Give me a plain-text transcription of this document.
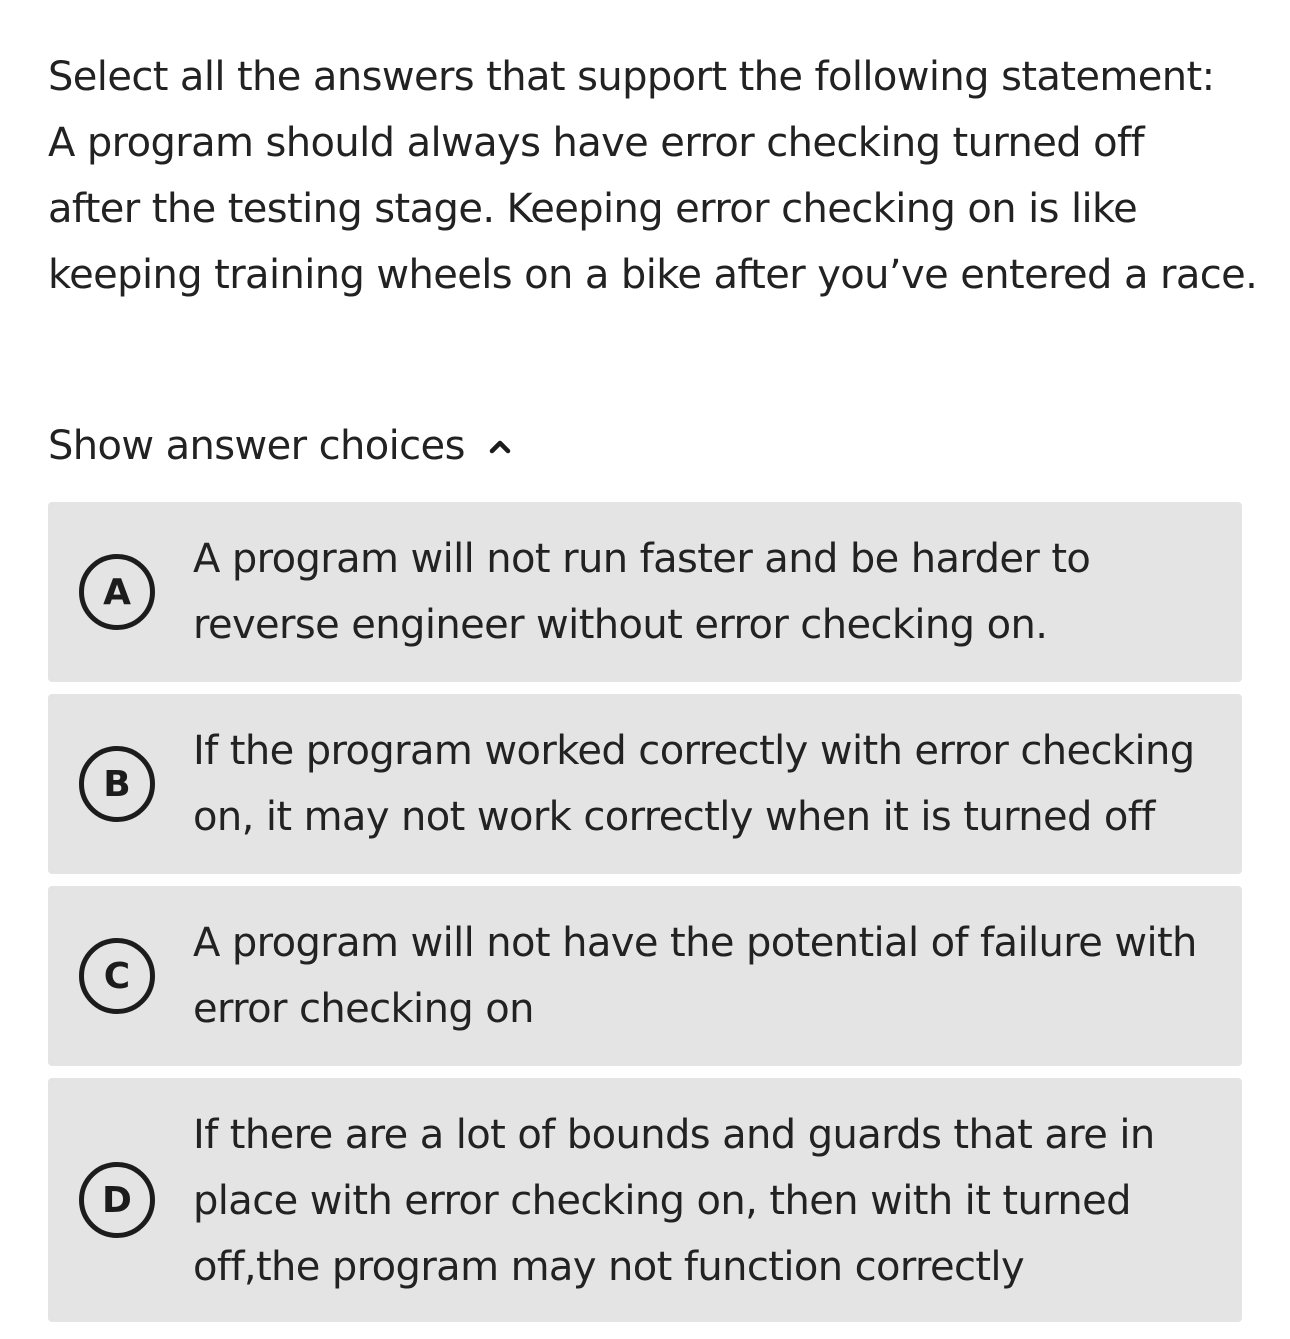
Select all the answers that support the following statement:
A program should always have error checking turned off
after the testing stage. Keeping error checking on is like
keeping training wheels on a bike after you’ve entered a race.
Show answer choices
A
A program will not run faster and be harder to
reverse engineer without error checking on.
B
If the program worked correctly with error checking
on, it may not work correctly when it is turned off
C
A program will not have the potential of failure with
error checking on
D
If there are a lot of bounds and guards that are in
place with error checking on, then with it turned
off,the program may not function correctly
